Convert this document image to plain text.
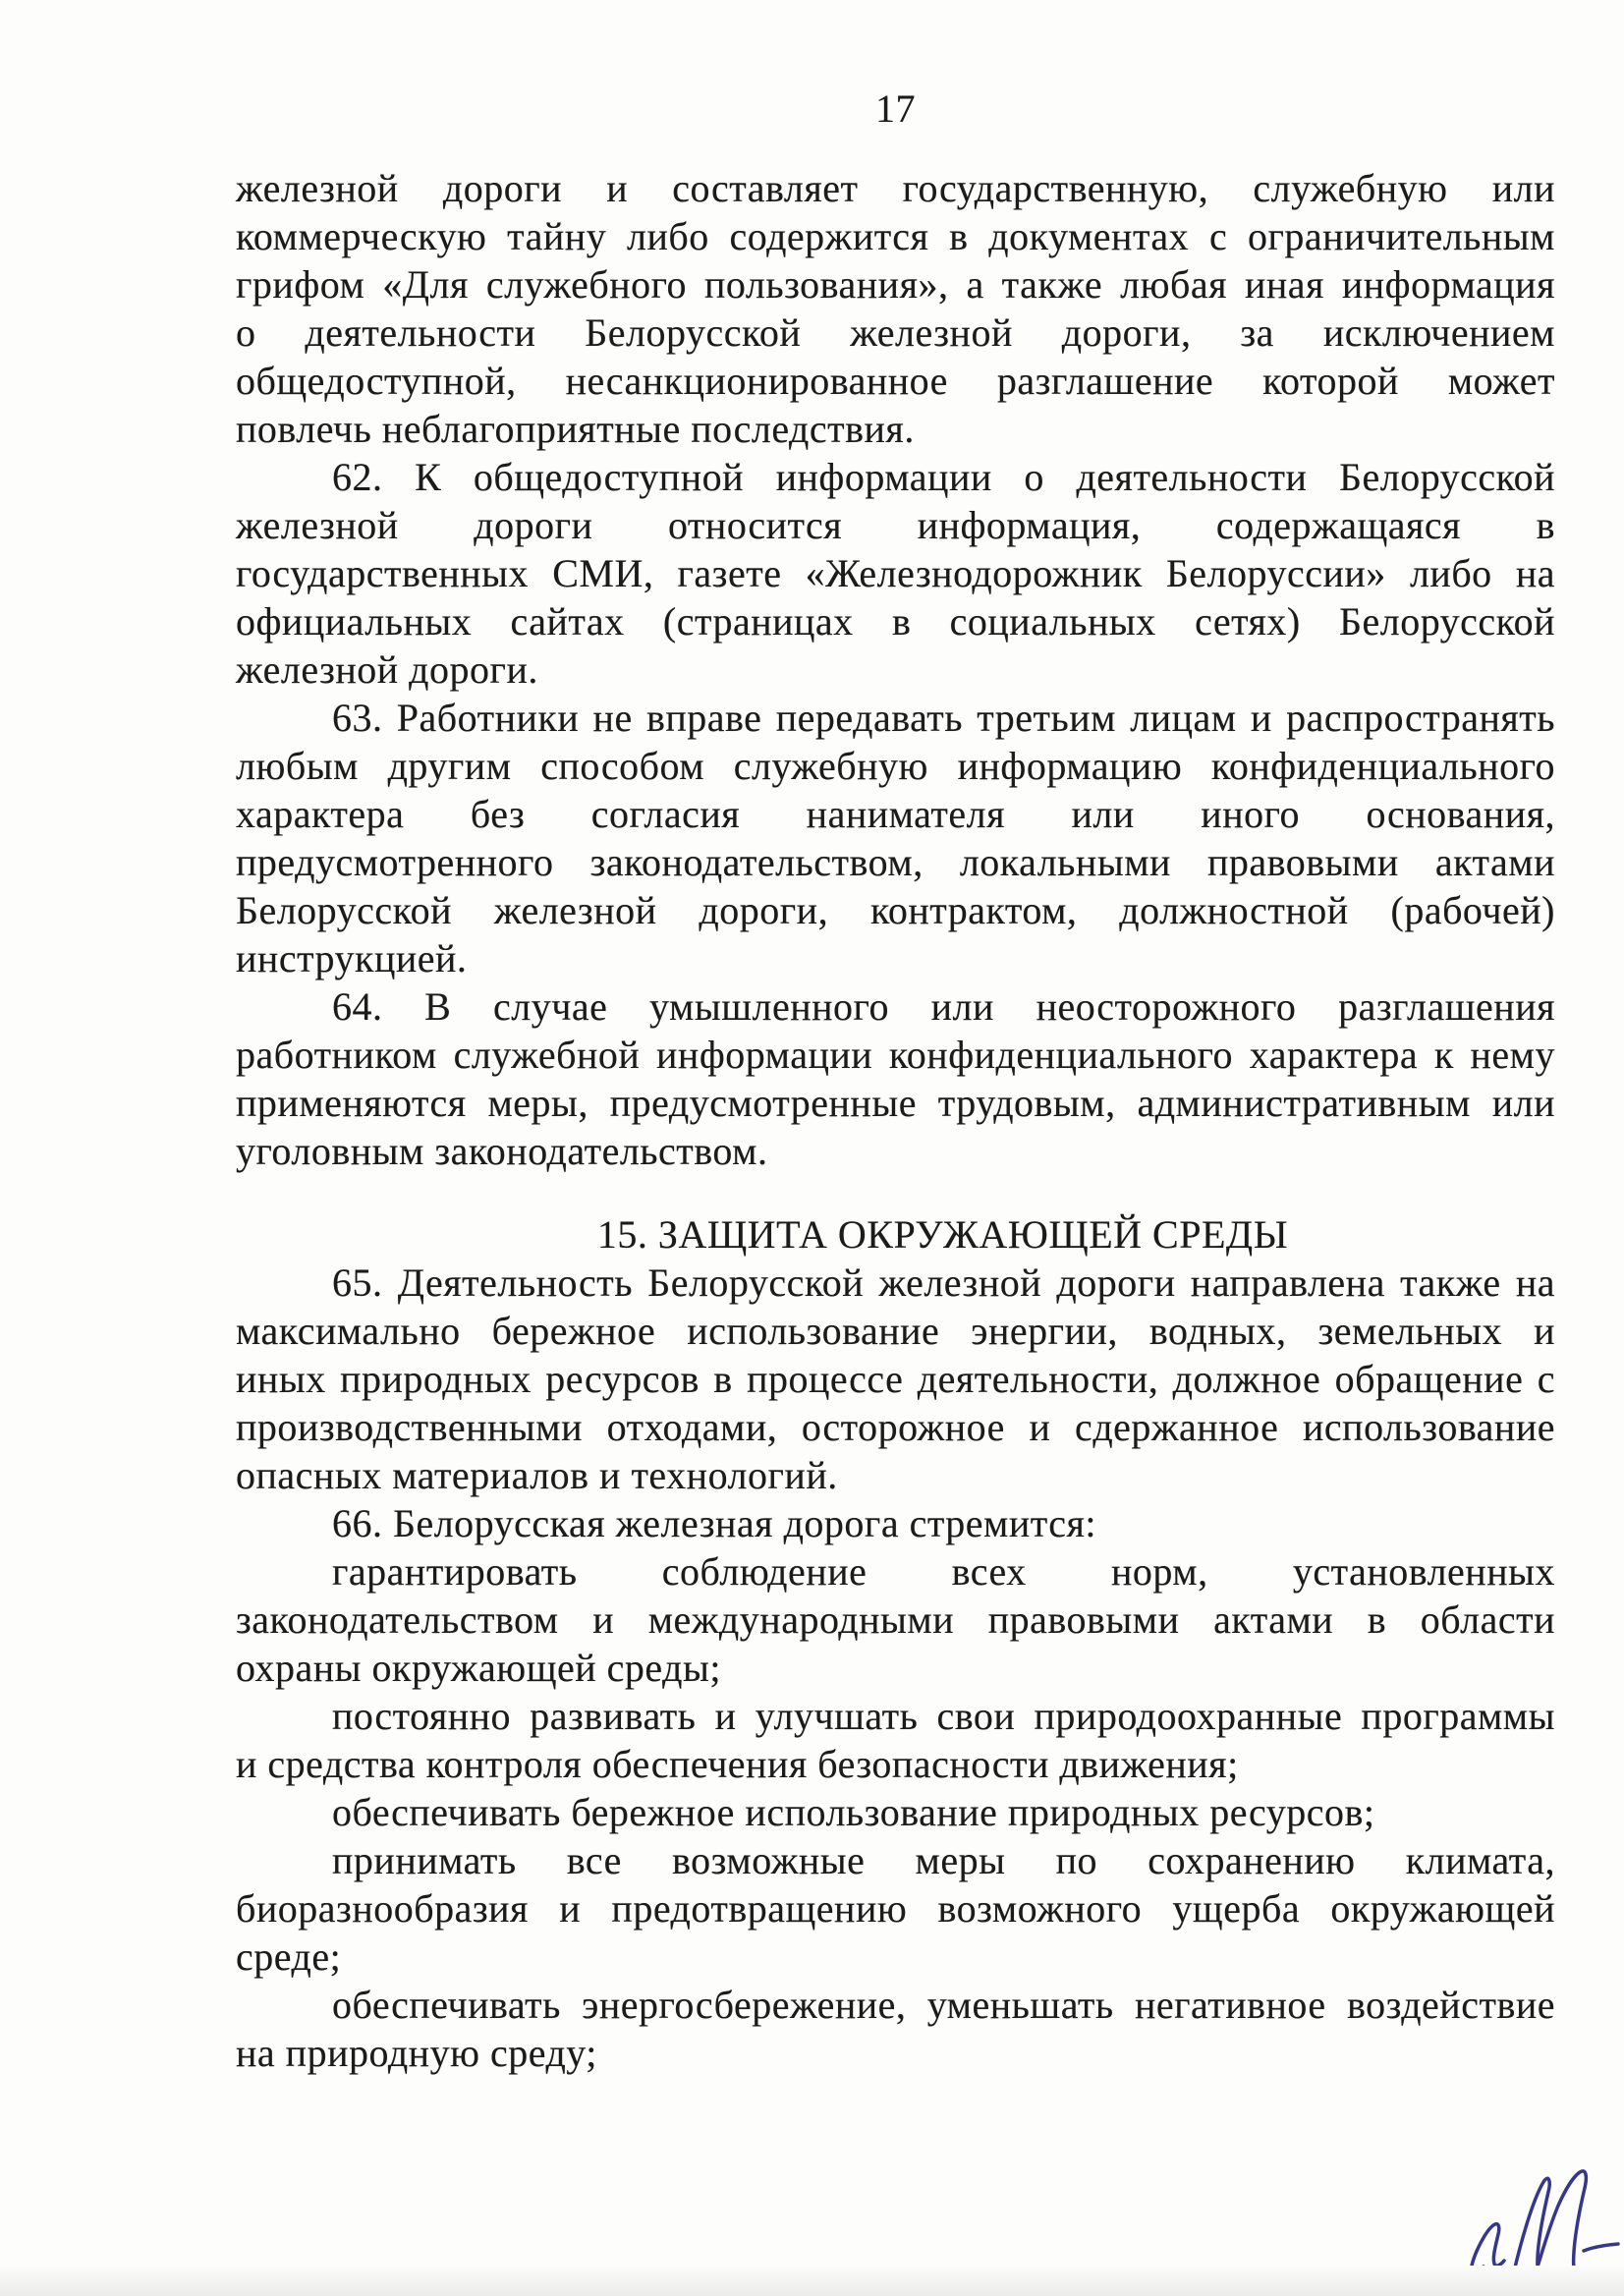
17
железной дороги и составляет государственную, служебную или
коммерческую тайну либо содержится в документах с ограничительным
грифом «Для служебного пользования», а также любая иная информация
о деятельности Белорусской железной дороги, за исключением
общедоступной, несанкционированное разглашение которой может
повлечь неблагоприятные последствия.
62. К общедоступной информации о деятельности Белорусской
железной дороги относится информация, содержащаяся в
государственных СМИ, газете «Железнодорожник Белоруссии» либо на
официальных сайтах (страницах в социальных сетях) Белорусской
железной дороги.
63. Работники не вправе передавать третьим лицам и распространять
любым другим способом служебную информацию конфиденциального
характера без согласия нанимателя или иного основания,
предусмотренного законодательством, локальными правовыми актами
Белорусской железной дороги, контрактом, должностной (рабочей)
инструкцией.
64. В случае умышленного или неосторожного разглашения
работником служебной информации конфиденциального характера к нему
применяются меры, предусмотренные трудовым, административным или
уголовным законодательством.
15. ЗАЩИТА ОКРУЖАЮЩЕЙ СРЕДЫ
65. Деятельность Белорусской железной дороги направлена также на
максимально бережное использование энергии, водных, земельных и
иных природных ресурсов в процессе деятельности, должное обращение с
производственными отходами, осторожное и сдержанное использование
опасных материалов и технологий.
66. Белорусская железная дорога стремится:
гарантировать соблюдение всех норм, установленных
законодательством и международными правовыми актами в области
охраны окружающей среды;
постоянно развивать и улучшать свои природоохранные программы
и средства контроля обеспечения безопасности движения;
обеспечивать бережное использование природных ресурсов;
принимать все возможные меры по сохранению климата,
биоразнообразия и предотвращению возможного ущерба окружающей
среде;
обеспечивать энергосбережение, уменьшать негативное воздействие
на природную среду;
